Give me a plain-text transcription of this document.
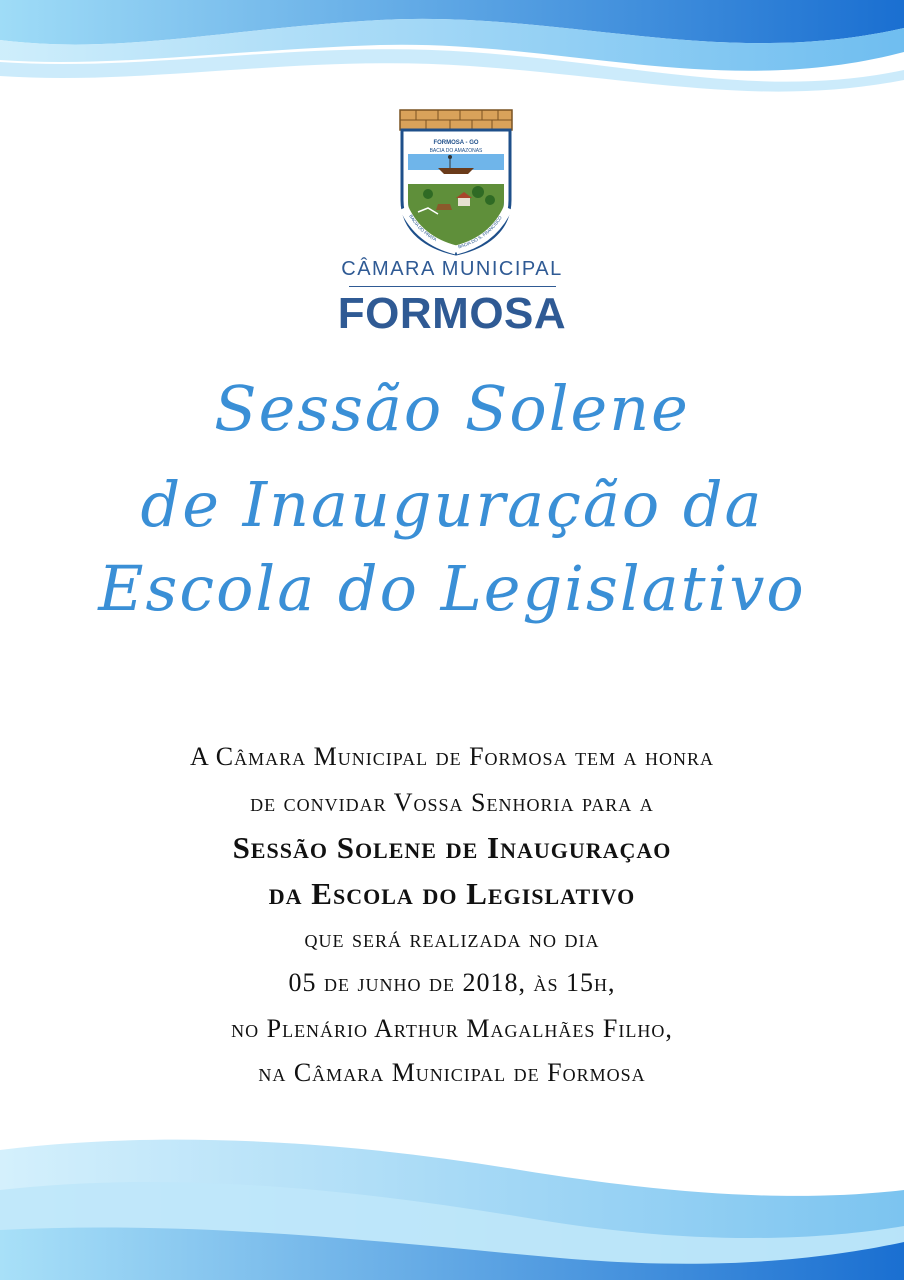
FORMOSA - GO
BACIA DO AMAZONAS
BACIA DO PRATA
BACIA DO S. FRANCISCO
CÂMARA MUNICIPAL
FORMOSA
Sessão Solene
de Inauguração da
Escola do Legislativo
A Câmara Municipal de Formosa tem a honra
de convidar Vossa Senhoria para a
Sessão Solene de Inauguraçao
da Escola do Legislativo
que será realizada no dia
05 de junho de 2018, às 15h,
no Plenário Arthur Magalhães Filho,
na Câmara Municipal de Formosa
